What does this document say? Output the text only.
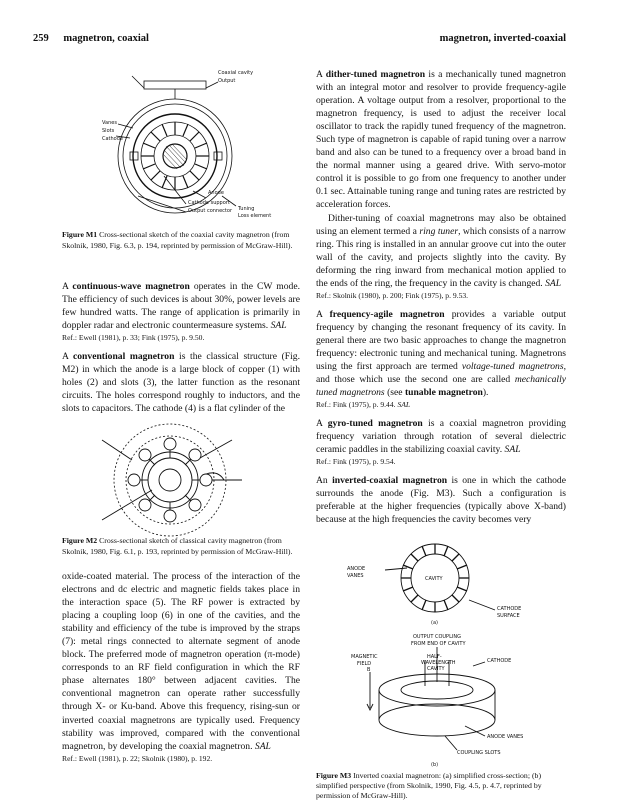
259 magnetron, coaxial	magnetron, inverted-coaxial
Coaxial cavity
Output
Vanes
Slots
Cathode
Anode
Cathode support
Output connector Tuning
Loss element
Figure M1 Cross-sectional sketch of the coaxial cavity magnetron (from Skolnik, 1980, Fig. 6.3, p. 194, reprinted by permission of McGraw-Hill).

A continuous-wave magnetron operates in the CW mode. The efficiency of such devices is about 30%, power levels are few hundred watts. The range of application is primarily in doppler radar and electronic countermeasure systems. SAL

Ref.: Ewell (1981), p. 33; Fink (1975), p. 9.50.

A conventional magnetron is the classical structure (Fig. M2) in which the anode is a large block of copper (1) with holes (2) and slots (3), the latter function as the resonant circuits. The holes correspond roughly to inductors, and the slots to capacitors. The cathode (4) is a flat cylinder of the

Figure M2 Cross-sectional sketch of classical cavity magnetron (from Skolnik, 1980, Fig. 6.1, p. 193, reprinted by permission of McGraw-Hill).

oxide-coated material. The process of the interaction of the electrons and dc electric and magnetic fields takes place in the interaction space (5). The RF power is extracted by placing a coupling loop (6) in one of the cavities, and the stability and efficiency of the tube is improved by the straps (7): metal rings connected to alternate segment of anode block. The preferred mode of magnetron operation (π-mode) corresponds to an RF field configuration in which the RF phase alternates 180° between adjacent cavities. The conventional magnetron can operate rather successfully through X- or Ku-band. Above this frequency, rising-sun or inverted coaxial magnetrons are typically used. Frequency stability was improved, compared with the conventional magnetron, by developing the coaxial magnetron. SAL

Ref.: Ewell (1981), p. 22; Skolnik (1980), p. 192.

A dither-tuned magnetron is a mechanically tuned magnetron with an integral motor and resolver to provide frequency-agile operation. A voltage output from a resolver, proportional to the magnetron frequency, is used to adjust the receiver local oscillator to track the rapidly tuned frequency of the magnetron. Such type of magnetron is capable of rapid tuning over a narrow band and also can be tuned to a frequency over a broad band in the normal manner using a geared drive. With servo-motor control it is possible to go from one frequency to another under 0.1 sec. Attainable tuning range and tuning rates are restricted by acceleration forces.

Dither-tuning of coaxial magnetrons may also be obtained using an element termed a ring tuner, which consists of a narrow ring. This ring is installed in an annular groove cut into the outer wall of the cavity, and projects slightly into the cavity. By deforming the ring inward from mechanical motion applied to the ends of the ring, the frequency in the cavity is changed. SAL

Ref.: Skolnik (1980), p. 200; Fink (1975), p. 9.53.

A frequency-agile magnetron provides a variable output frequency by changing the resonant frequency of its cavity. In general there are two basic approaches to change the magnetron frequency: electronic tuning and mechanical tuning. Magnetrons using the first approach are termed voltage-tuned magnetrons, and those which use the second one are called mechanically tuned magnetrons (see tunable magnetron).

Ref.: Fink (1975), p. 9.44. SAL

A gyro-tuned magnetron is a coaxial magnetron providing frequency variation through rotation of several dielectric ceramic paddles in the stabilizing coaxial cavity. SAL

Ref.: Fink (1975), p. 9.54.

An inverted-coaxial magnetron is one in which the cathode surrounds the anode (Fig. M3). Such a configuration is preferable at the higher frequencies (typically above X-band) because at the high frequencies the cavity becomes very

ANODE
VANES	CAVITY
CATHODE
SURFACE
(a)
OUTPUT COUPLING
FROM END OF CAVITY
MAGNETIC
FIELD
B
HALF-
WAVELENGTH
CAVITY
CATHODE
ANODE VANES
COUPLING SLOTS
(b)
Figure M3 Inverted coaxial magnetron: (a) simplified cross-section; (b) simplified perspective (from Skolnik, 1990, Fig. 4.5, p. 4.7, reprinted by permission of McGraw-Hill).
